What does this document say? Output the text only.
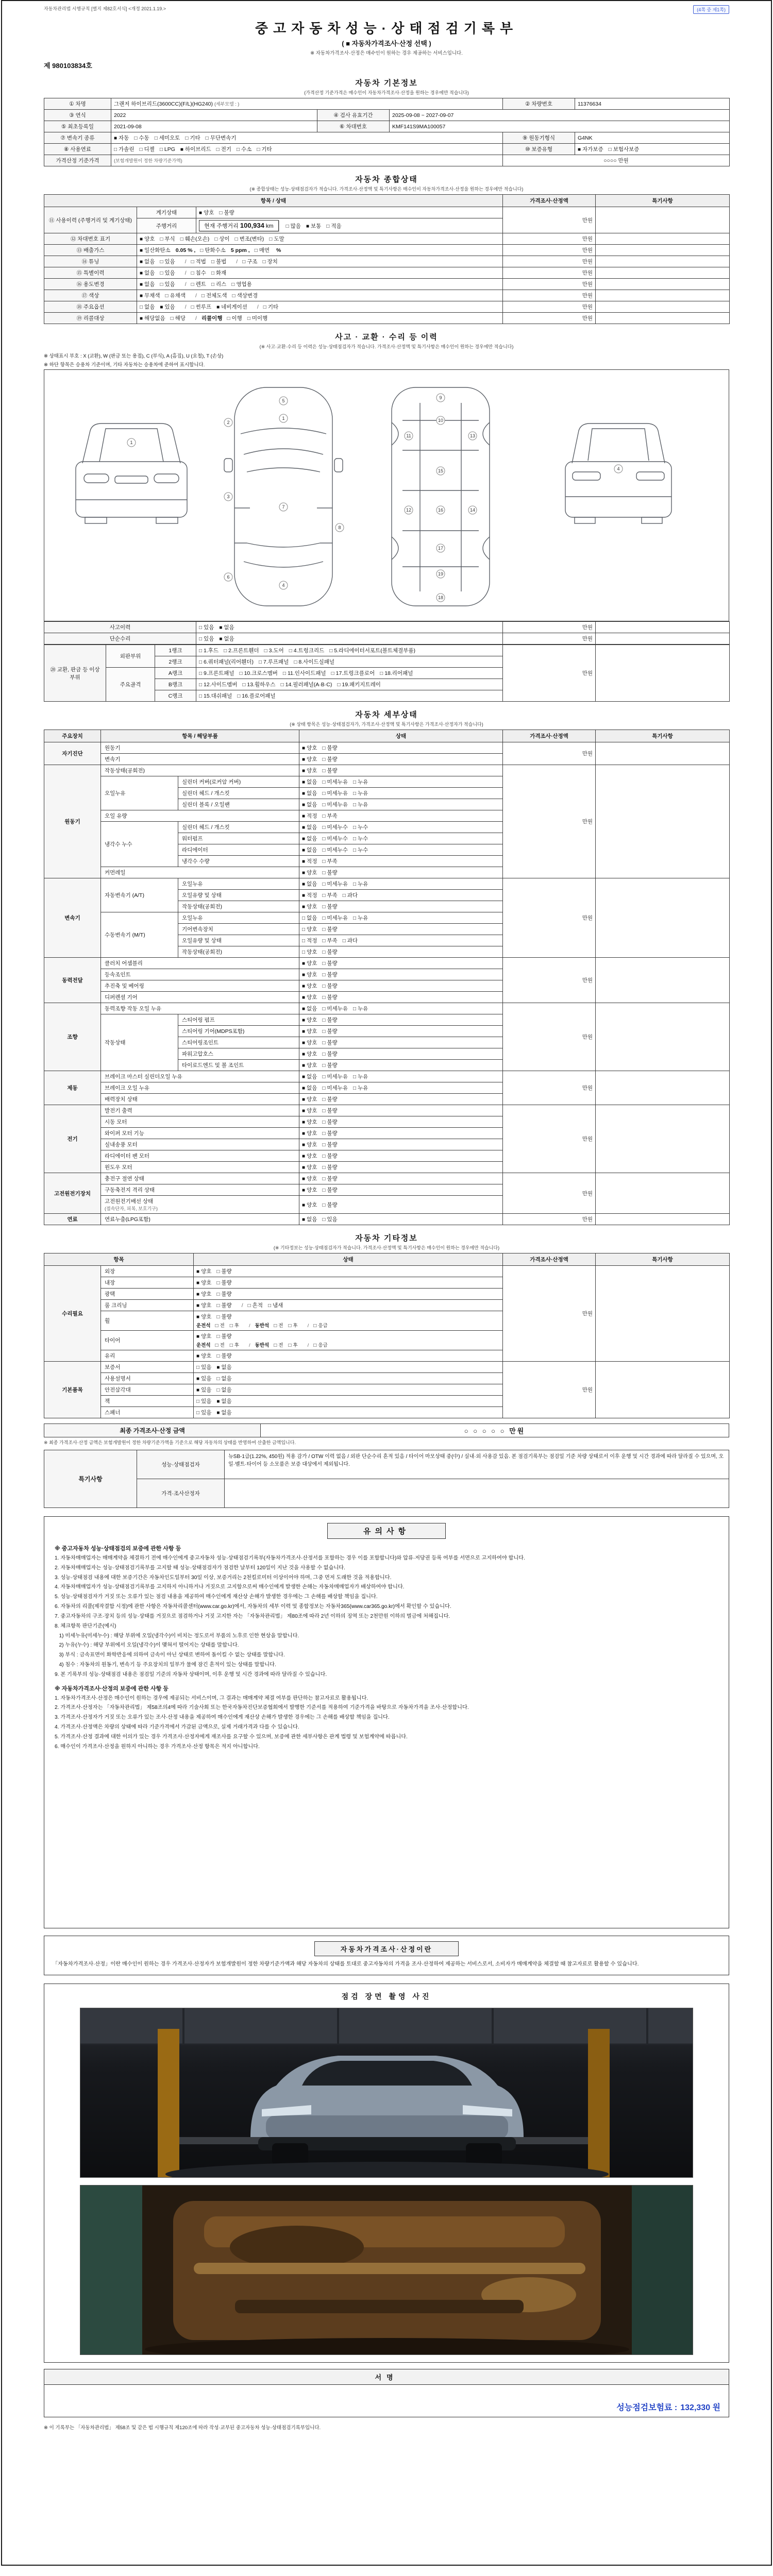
자동차관리법 시행규칙 [별지 제82호서식] <개정 2021.1.19.>	(4쪽 중 제1쪽)
중고자동차성능·상태점검기록부
( ■ 자동차가격조사·산정 선택 )
※ 자동차가격조사·산정은 매수인이 원하는 경우 제공하는 서비스입니다.
제 980103834호
자동차 기본정보
(가격산정 기준가격은 매수인이 자동차가격조사·산정을 원하는 경우에만 적습니다)
① 차명	그랜저 하이브리드(3600CC)(F/L)(HG240) (세부모델 : )			② 차량번호	11376634
③ 연식	2022	④ 검사 유효기간	2025-09-08 ~ 2027-09-07		
⑤ 최초등록일	2021-09-08	⑥ 차대번호	KMF141S9MA100057		
⑦ 변속기 종류	■ 자동 □ 수동 □ 세미오토 □ 기타 □ 무단변속기			⑨ 원동기형식	G4NK
⑧ 사용연료	□ 가솔린 □ 디젤 □ LPG ■ 하이브리드 □ 전기 □ 수소 □ 기타			⑩ 보증유형	■ 자가보증 □ 보험사보증
가격산정 기준가격	(보험개발원이 정한 차량기준가액)			○○○○ 만원	
자동차 종합상태
(※ 종합상태는 성능·상태점검자가 적습니다. 가격조사·산정액 및 특기사항은 매수인이 자동차가격조사·산정을 원하는 경우에만 적습니다)
항목 / 상태			가격조사·산정액	특기사항
⑪ 사용이력 (주행거리 및 계기상태)	계기상태	■ 양호 □ 불량	만원	
	주행거리	현재 주행거리 100,934 km □ 많음 ■ 보통 □ 적음		
⑫ 차대번호 표기	■ 양호 □ 부식 □ 훼손(오손) □ 상이 □ 변조(변타) □ 도말		만원	
⑬ 배출가스	■ 일산화탄소 0.05 % , □ 탄화수소 5 ppm , □ 매연 %		만원	
⑭ 튜닝	■ 없음 □ 있음 / □ 적법 □ 불법 / □ 구조 □ 장치		만원	
⑮ 특별이력	■ 없음 □ 있음 / □ 침수 □ 화재		만원	
⑯ 용도변경	■ 없음 □ 있음 / □ 렌트 □ 리스 □ 영업용		만원	
⑰ 색상	■ 무채색 □ 유채색 / □ 전체도색 □ 색상변경		만원	
⑱ 주요옵션	□ 없음 ■ 있음 / □ 썬루프 ■ 네비게이션 / □ 기타		만원	
⑲ 리콜대상	■ 해당없음 □ 해당 / 리콜이행 □ 이행 □ 미이행		만원	
사고 · 교환 · 수리 등 이력
(※ 사고·교환·수리 등 이력은 성능·상태점검자가 적습니다. 가격조사·산정액 및 특기사항은 매수인이 원하는 경우에만 적습니다)
※ 상태표시 부호 : X (교환), W (판금 또는 용접), C (부식), A (흠집), U (요철), T (손상)
※ 하단 항목은 승용차 기준이며, 기타 자동차는 승용차에 준하여 표시합니다.
1
5
1
2
3
7
6
8
4
9
10
11	13
15
12	14
16
17
19
18
4
사고이력	□ 있음 ■ 없음	만원	
단순수리	□ 있음 ■ 없음	만원	
⑳ 교환, 판금 등 이상 부위	외판부위	1랭크	□ 1.후드 □ 2.프론트휀더 □ 3.도어 □ 4.트렁크리드 □ 5.라디에이터서포트(볼트체결부품)	만원	
		2랭크	□ 6.쿼터패널(리어휀더) □ 7.루프패널 □ 8.사이드실패널		
	주요골격	A랭크	□ 9.프론트패널 □ 10.크로스멤버 □ 11.인사이드패널 □ 17.트렁크플로어 □ 18.리어패널		
		B랭크	□ 12.사이드멤버 □ 13.휠하우스 □ 14.필러패널(A·B·C) □ 19.패키지트레이		
		C랭크	□ 15.대쉬패널 □ 16.플로어패널		
자동차 세부상태
(※ 상태 항목은 성능·상태점검자가, 가격조사·산정액 및 특기사항은 가격조사·산정자가 적습니다)
주요장치	항목 / 해당부품		상태	가격조사·산정액	특기사항
자기진단	원동기		■ 양호 □ 불량	만원	
	변속기		■ 양호 □ 불량		
원동기	작동상태(공회전)		■ 양호 □ 불량	만원	
	오일누유	실린더 커버(로커암 커버)	■ 없음 □ 미세누유 □ 누유		
		실린더 헤드 / 개스킷	■ 없음 □ 미세누유 □ 누유		
		실린더 블록 / 오일팬	■ 없음 □ 미세누유 □ 누유		
	오일 유량		■ 적정 □ 부족		
	냉각수 누수	실린더 헤드 / 개스킷	■ 없음 □ 미세누수 □ 누수		
		워터펌프	■ 없음 □ 미세누수 □ 누수		
		라디에이터	■ 없음 □ 미세누수 □ 누수		
		냉각수 수량	■ 적정 □ 부족		
	커먼레일		■ 양호 □ 불량		
변속기	자동변속기 (A/T)	오일누유	■ 없음 □ 미세누유 □ 누유	만원	
		오일유량 및 상태	■ 적정 □ 부족 □ 과다		
		작동상태(공회전)	■ 양호 □ 불량		
	수동변속기 (M/T)	오일누유	□ 없음 □ 미세누유 □ 누유		
		기어변속장치	□ 양호 □ 불량		
		오일유량 및 상태	□ 적정 □ 부족 □ 과다		
		작동상태(공회전)	□ 양호 □ 불량		
동력전달	클러치 어셈블리		■ 양호 □ 불량	만원	
	등속조인트		■ 양호 □ 불량		
	추진축 및 베어링		■ 양호 □ 불량		
	디퍼렌셜 기어		■ 양호 □ 불량		
조향	동력조향 작동 오일 누유		■ 없음 □ 미세누유 □ 누유	만원	
	작동상태	스티어링 펌프	■ 양호 □ 불량		
		스티어링 기어(MDPS포함)	■ 양호 □ 불량		
		스티어링조인트	■ 양호 □ 불량		
		파워고압호스	■ 양호 □ 불량		
		타이로드엔드 및 볼 조인트	■ 양호 □ 불량		
제동	브레이크 마스터 실린더오일 누유		■ 없음 □ 미세누유 □ 누유	만원	
	브레이크 오일 누유		■ 없음 □ 미세누유 □ 누유		
	배력장치 상태		■ 양호 □ 불량		
전기	발전기 출력		■ 양호 □ 불량	만원	
	시동 모터		■ 양호 □ 불량		
	와이퍼 모터 기능		■ 양호 □ 불량		
	실내송풍 모터		■ 양호 □ 불량		
	라디에이터 팬 모터		■ 양호 □ 불량		
	윈도우 모터		■ 양호 □ 불량		
고전원전기장치	충전구 절연 상태		■ 양호 □ 불량	만원	
	구동축전지 격리 상태		■ 양호 □ 불량		
	고전원전기배선 상태
(접속단자, 피복, 보호기구)		■ 양호 □ 불량		
연료	연료누출(LPG포함)		■ 없음 □ 있음	만원	
자동차 기타정보
(※ 기타정보는 성능·상태점검자가 적습니다. 가격조사·산정액 및 특기사항은 매수인이 원하는 경우에만 적습니다)
항목		상태	가격조사·산정액	특기사항
수리필요	외장	■ 양호 □ 불량	만원	
	내장	■ 양호 □ 불량		
	광택	■ 양호 □ 불량		
	룸 크리닝	■ 양호 □ 불량 / □ 흔적 □ 냄새		
	휠	■ 양호 □ 불량
운전석 □ 전 □ 후 / 동반석 □ 전 □ 후 / □ 응급		

	타이어	■ 양호 □ 불량
운전석 □ 전 □ 후 / 동반석 □ 전 □ 후 / □ 응급		

	유리	■ 양호 □ 불량		
기본품목	보증서	□ 있음 ■ 없음	만원	
	사용설명서	■ 있음 □ 없음		
	안전삼각대	■ 있음 □ 없음		
	잭	□ 있음 ■ 없음		
	스패너	□ 있음 ■ 없음		
최종 가격조사·산정 금액	○ ○ ○ ○ ○ 만원
※ 최종 가격조사·산정 금액은 보험개발원이 정한 차량기준가액을 기준으로 해당 자동차의 상태를 반영하여 산출한 금액입니다.
특기사항	성능·상태점검자	뉴SB-1급(1.22%, 450원) 적용 감가 / OTW 이력 없음 / 외판 단순수리 흔적 있음 / 타이어 마모상태 중(中) / 실내·외 사용감 있음. 본 점검기록부는 점검일 기준 차량 상태로서 이후 운행 및 시간 경과에 따라 달라질 수 있으며, 오일·벨트·타이어 등 소모품은 보증 대상에서 제외됩니다.
	가격·조사산정자	
유의사항
※ 중고자동차 성능·상태점검의 보증에 관한 사항 등
1. 자동차매매업자는 매매계약을 체결하기 전에 매수인에게 중고자동차 성능·상태점검기록부(자동차가격조사·산정서를 포함하는 경우 이를 포함합니다)와 압류·저당권 등록 여부를 서면으로 고지하여야 합니다.
2. 자동차매매업자는 성능·상태점검기록부를 고지할 때 성능·상태점검자가 점검한 날부터 120일이 지난 것을 사용할 수 없습니다.
3. 성능·상태점검 내용에 대한 보증기간은 자동차인도일부터 30일 이상, 보증거리는 2천킬로미터 이상이어야 하며, 그중 먼저 도래한 것을 적용합니다.
4. 자동차매매업자가 성능·상태점검기록부를 고지하지 아니하거나 거짓으로 고지함으로써 매수인에게 발생한 손해는 자동차매매업자가 배상하여야 합니다.
5. 성능·상태점검자가 거짓 또는 오류가 있는 점검 내용을 제공하여 매수인에게 재산상 손해가 발생한 경우에는 그 손해를 배상할 책임을 집니다.
6. 자동차의 리콜(제작결함 시정)에 관한 사항은 자동차리콜센터(www.car.go.kr)에서, 자동차의 세부 이력 및 종합정보는 자동차365(www.car365.go.kr)에서 확인할 수 있습니다.
7. 중고자동차의 구조·장치 등의 성능·상태를 거짓으로 점검하거나 거짓 고지한 자는 「자동차관리법」 제80조에 따라 2년 이하의 징역 또는 2천만원 이하의 벌금에 처해집니다.
8. 체크항목 판단기준(예시)
1) 미세누유(미세누수) : 해당 부위에 오일(냉각수)이 비치는 정도로서 부품의 노후로 인한 현상을 말합니다.
2) 누유(누수) : 해당 부위에서 오일(냉각수)이 맺혀서 떨어지는 상태를 말합니다.
3) 부식 : 금속표면이 화학반응에 의하여 금속이 아닌 상태로 변하여 돌이킬 수 없는 상태를 말합니다.
4) 침수 : 자동차의 원동기, 변속기 등 주요장치의 일부가 물에 잠긴 흔적이 있는 상태를 말합니다.
9. 본 기록부의 성능·상태점검 내용은 점검일 기준의 자동차 상태이며, 이후 운행 및 시간 경과에 따라 달라질 수 있습니다.
※ 자동차가격조사·산정의 보증에 관한 사항 등
1. 자동차가격조사·산정은 매수인이 원하는 경우에 제공되는 서비스이며, 그 결과는 매매계약 체결 여부를 판단하는 참고자료로 활용됩니다.
2. 가격조사·산정자는 「자동차관리법」 제58조의4에 따라 기술사회 또는 한국자동차진단보증협회에서 발행한 기준서를 적용하여 기준가격을 바탕으로 자동차가격을 조사·산정합니다.
3. 가격조사·산정자가 거짓 또는 오류가 있는 조사·산정 내용을 제공하여 매수인에게 재산상 손해가 발생한 경우에는 그 손해를 배상할 책임을 집니다.
4. 가격조사·산정액은 차량의 상태에 따라 기준가격에서 가감된 금액으로, 실제 거래가격과 다를 수 있습니다.
5. 가격조사·산정 결과에 대한 이의가 있는 경우 가격조사·산정자에게 재조사를 요구할 수 있으며, 보증에 관한 세부사항은 관계 법령 및 보험계약에 따릅니다.
6. 매수인이 가격조사·산정을 원하지 아니하는 경우 가격조사·산정 항목은 적지 아니합니다.
자동차가격조사·산정이란
「자동차가격조사·산정」이란 매수인이 원하는 경우 가격조사·산정자가 보험개발원이 정한 차량기준가액과 해당 자동차의 상태를 토대로 중고자동차의 가격을 조사·산정하여 제공하는 서비스로서, 소비자가 매매계약을 체결할 때 참고자료로 활용할 수 있습니다.
점검 장면 촬영 사진
서명
성능점검보험료 : 132,330 원
※ 이 기록부는 「자동차관리법」 제58조 및 같은 법 시행규칙 제120조에 따라 작성·교부된 중고자동차 성능·상태점검기록부입니다.
